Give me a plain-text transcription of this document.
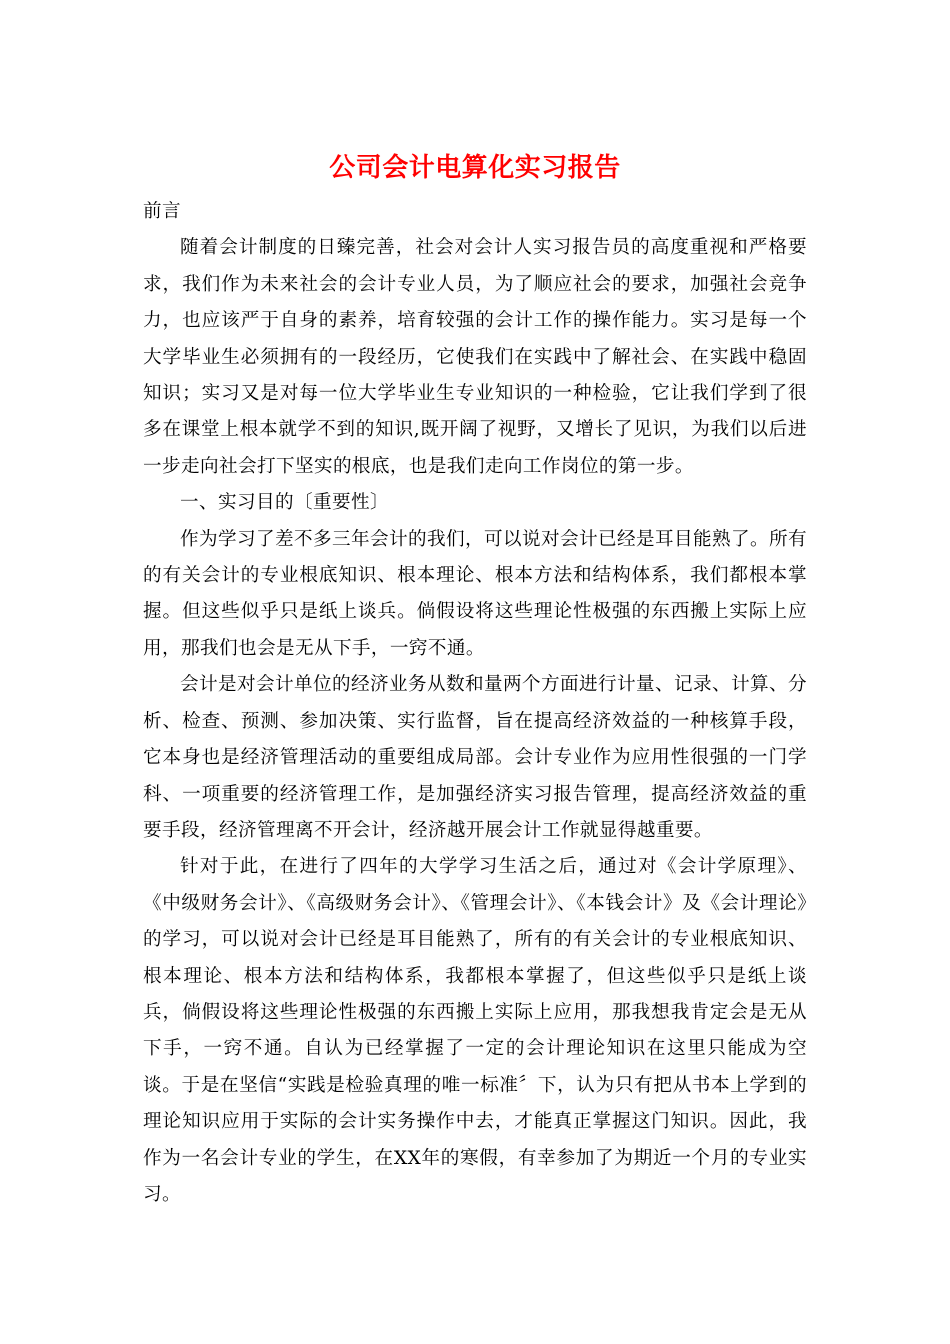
公司会计电算化实习报告

前言

随着会计制度的日臻完善，社会对会计人实习报告员的高度重视和严格要求，我们作为未来社会的会计专业人员，为了顺应社会的要求，加强社会竞争力，也应该严于自身的素养，培育较强的会计工作的操作能力。实习是每一个大学毕业生必须拥有的一段经历，它使我们在实践中了解社会、在实践中稳固知识；实习又是对每一位大学毕业生专业知识的一种检验，它让我们学到了很多在课堂上根本就学不到的知识,既开阔了视野，又增长了见识，为我们以后进一步走向社会打下坚实的根底，也是我们走向工作岗位的第一步。

一、实习目的〔重要性〕

作为学习了差不多三年会计的我们，可以说对会计已经是耳目能熟了。所有的有关会计的专业根底知识、根本理论、根本方法和结构体系，我们都根本掌握。但这些似乎只是纸上谈兵。倘假设将这些理论性极强的东西搬上实际上应用，那我们也会是无从下手，一窍不通。

会计是对会计单位的经济业务从数和量两个方面进行计量、记录、计算、分析、检查、预测、参加决策、实行监督，旨在提高经济效益的一种核算手段，它本身也是经济管理活动的重要组成局部。会计专业作为应用性很强的一门学科、一项重要的经济管理工作，是加强经济实习报告管理，提高经济效益的重要手段，经济管理离不开会计，经济越开展会计工作就显得越重要。

针对于此，在进行了四年的大学学习生活之后，通过对《会计学原理》、《中级财务会计》、《高级财务会计》、《管理会计》、《本钱会计》及《会计理论》的学习，可以说对会计已经是耳目能熟了，所有的有关会计的专业根底知识、根本理论、根本方法和结构体系，我都根本掌握了，但这些似乎只是纸上谈兵，倘假设将这些理论性极强的东西搬上实际上应用，那我想我肯定会是无从下手，一窍不通。自认为已经掌握了一定的会计理论知识在这里只能成为空谈。于是在坚信“实践是检验真理的唯一标准〞下，认为只有把从书本上学到的理论知识应用于实际的会计实务操作中去，才能真正掌握这门知识。因此，我作为一名会计专业的学生，在XX年的寒假，有幸参加了为期近一个月的专业实习。
